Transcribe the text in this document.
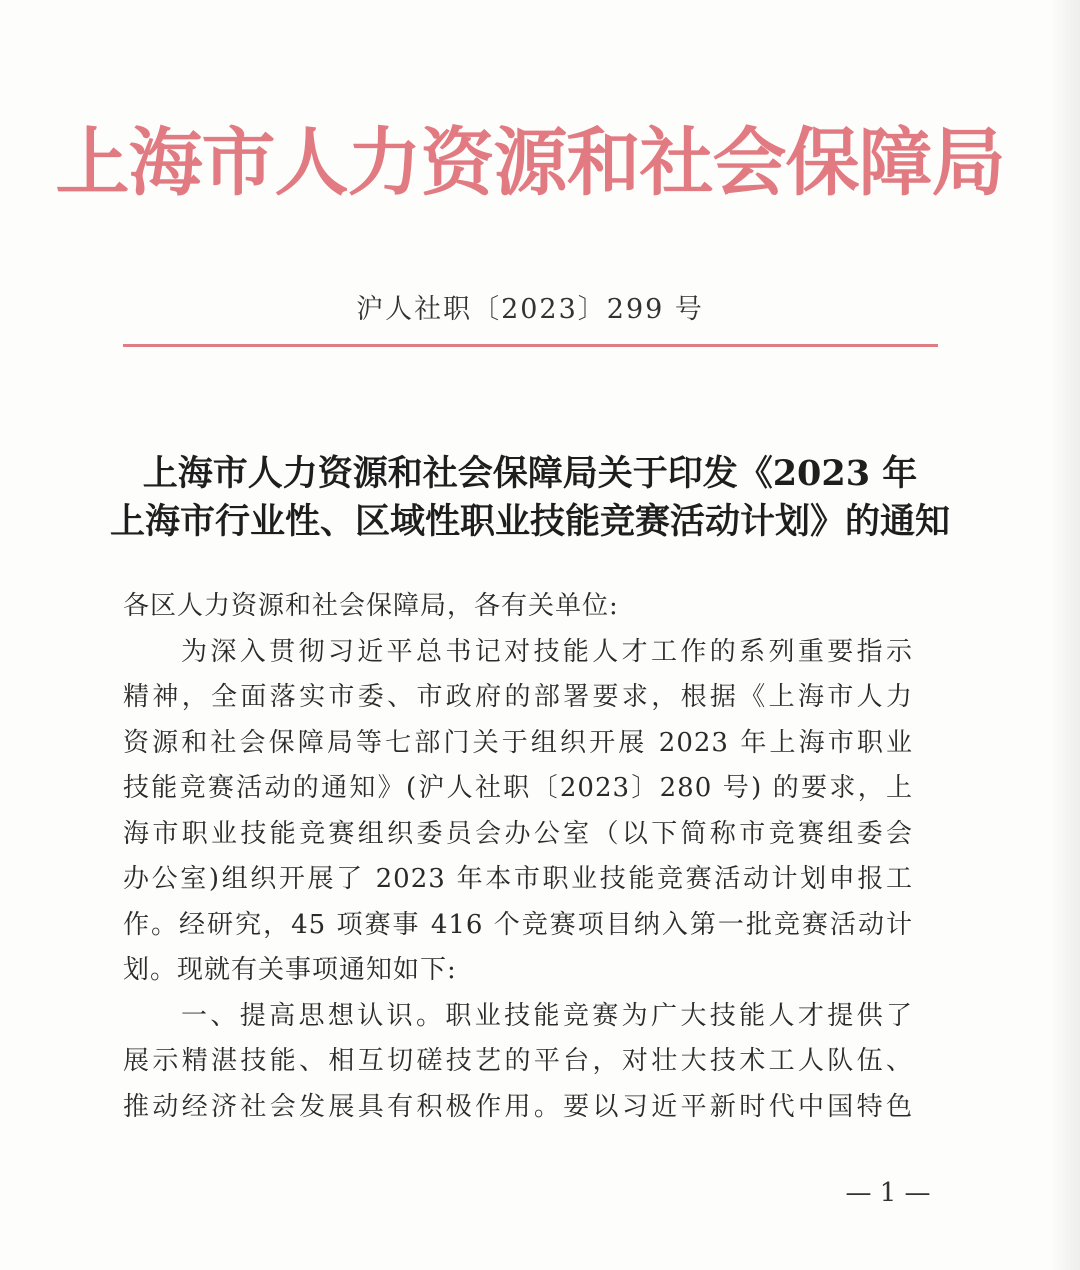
上海市人力资源和社会保障局
沪人社职〔2023〕299 号
上海市人力资源和社会保障局关于印发《2023 年
上海市行业性、区域性职业技能竞赛活动计划》的通知
各区人力资源和社会保障局，各有关单位:
为深入贯彻习近平总书记对技能人才工作的系列重要指示
精神，全面落实市委、市政府的部署要求，根据《上海市人力
资源和社会保障局等七部门关于组织开展 2023 年上海市职业
技能竞赛活动的通知》(沪人社职〔2023〕280 号) 的要求，上
海市职业技能竞赛组织委员会办公室（以下简称市竞赛组委会
办公室)组织开展了 2023 年本市职业技能竞赛活动计划申报工
作。经研究，45 项赛事 416 个竞赛项目纳入第一批竞赛活动计
划。现就有关事项通知如下:
一、提高思想认识。职业技能竞赛为广大技能人才提供了
展示精湛技能、相互切磋技艺的平台，对壮大技术工人队伍、
推动经济社会发展具有积极作用。要以习近平新时代中国特色
— 1 —
